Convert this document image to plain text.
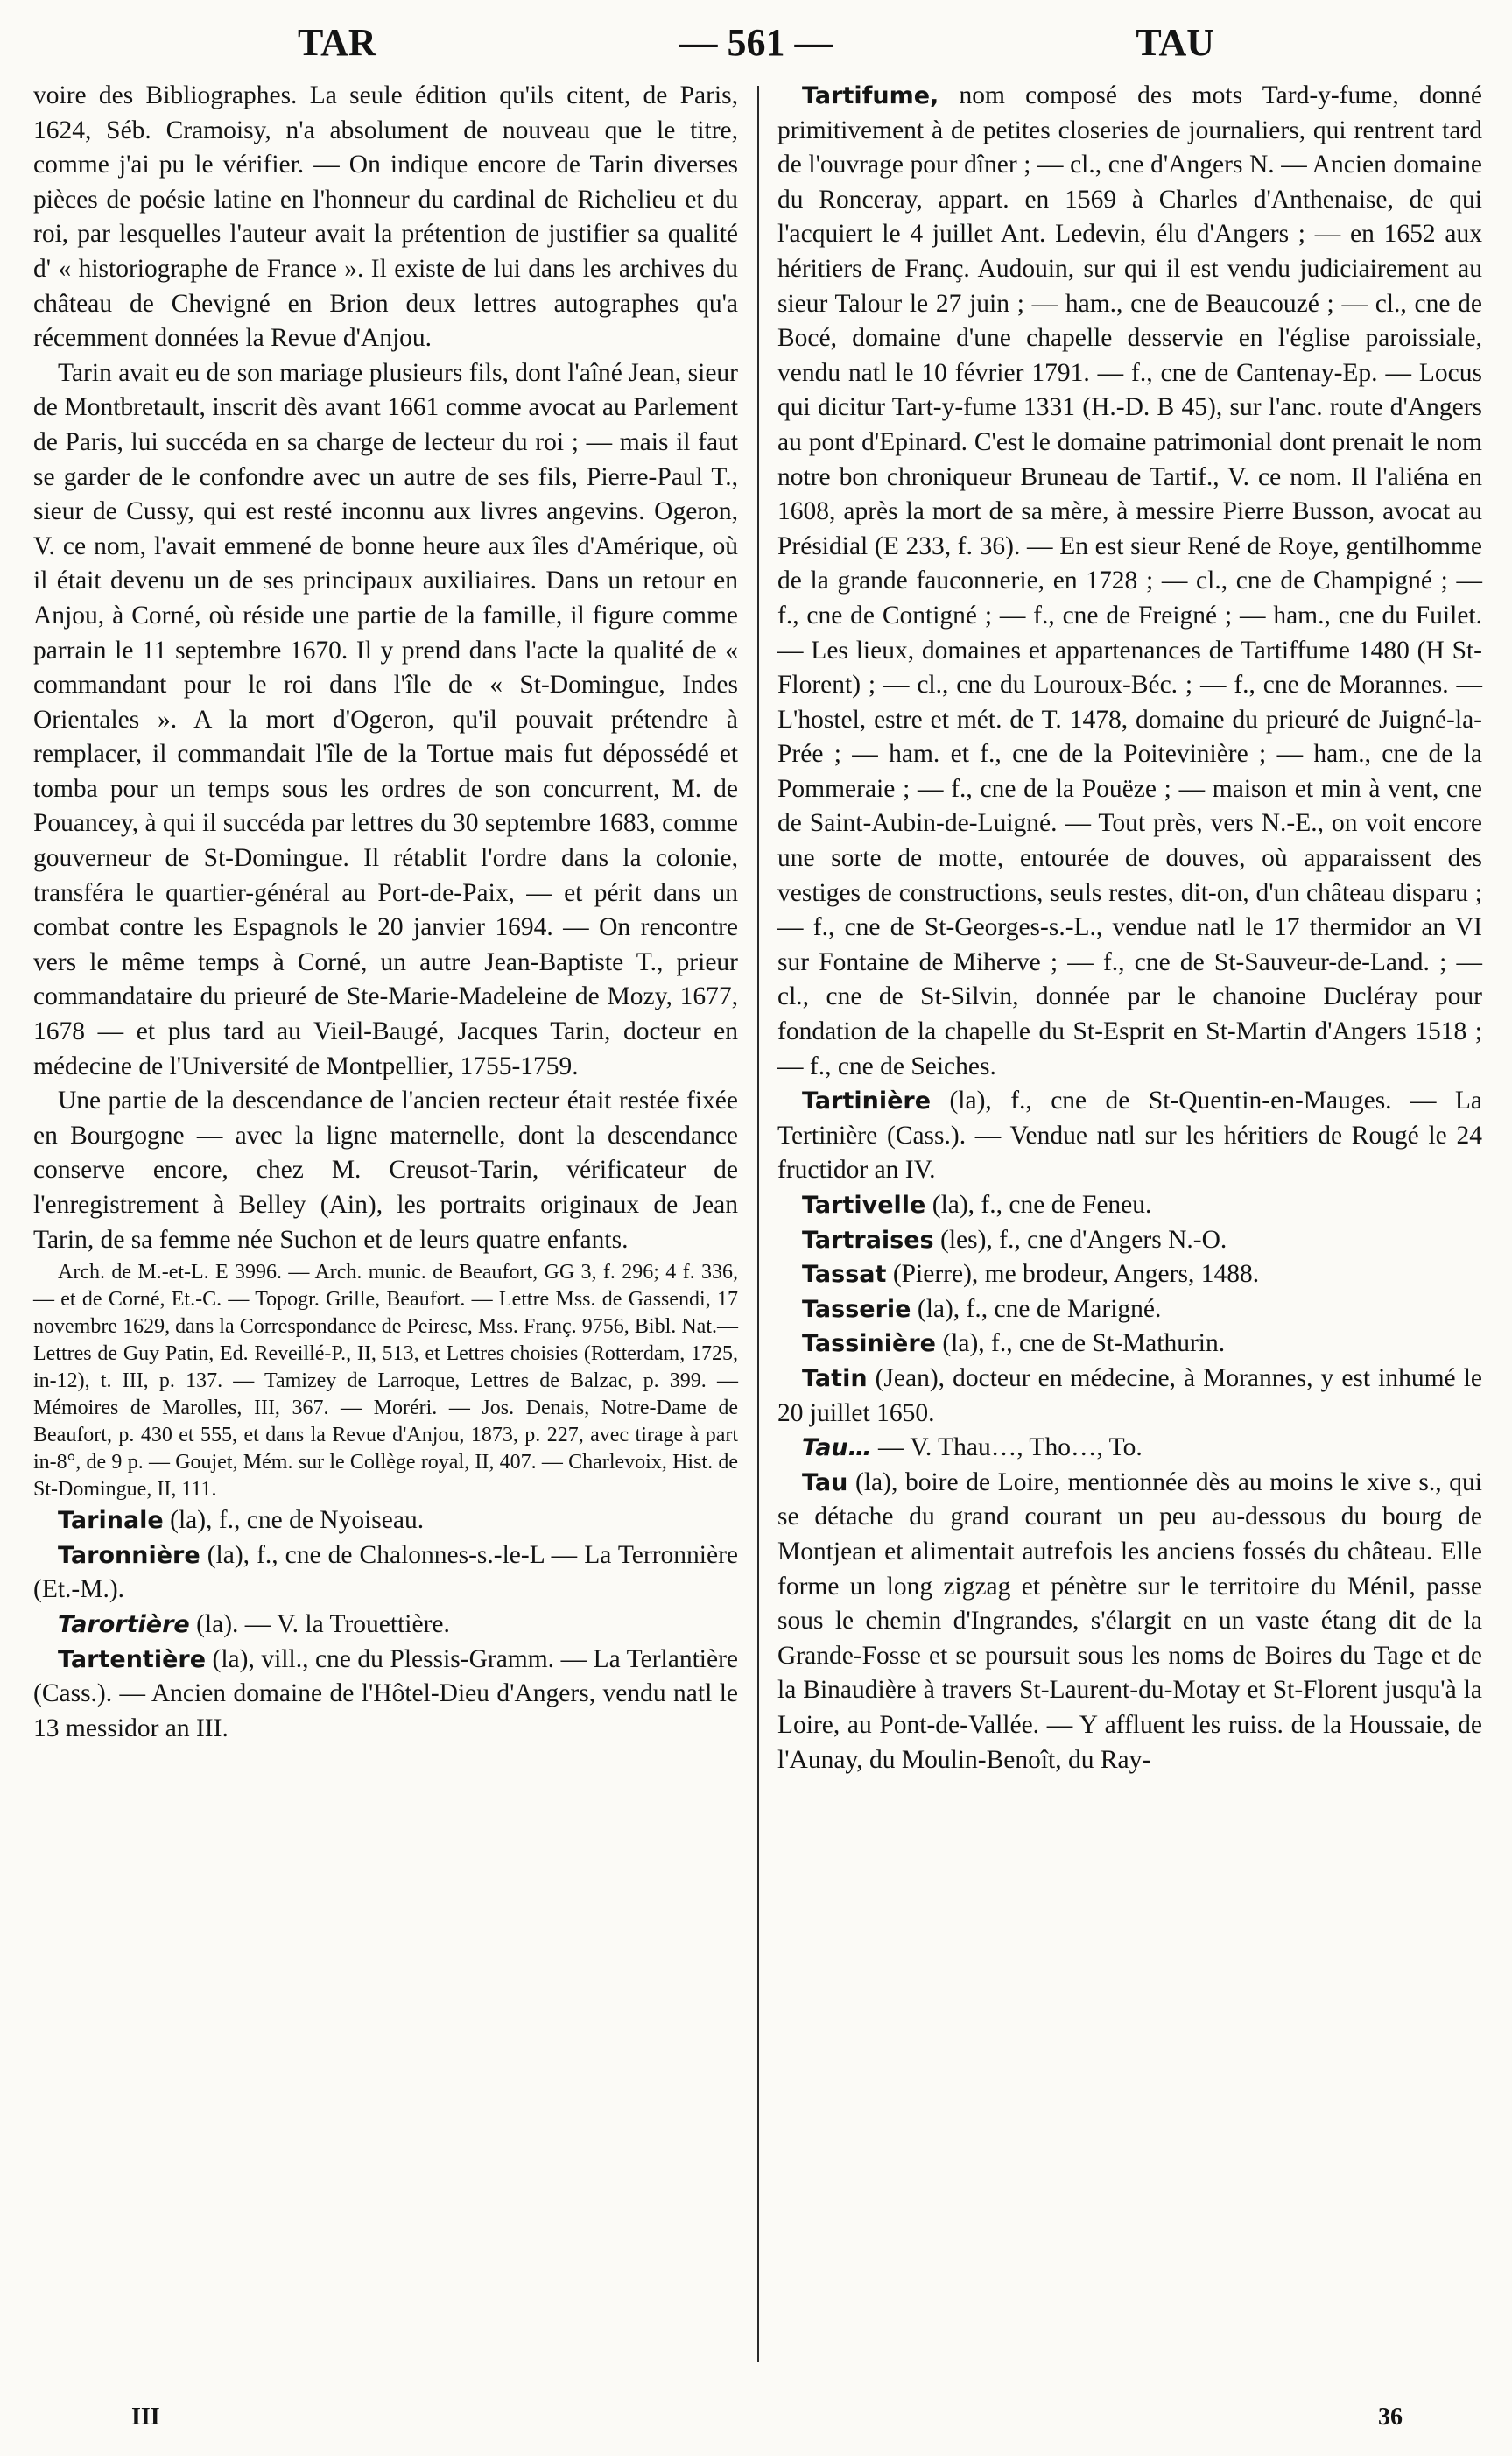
TAR	— 561 —	TAU

voire des Bibliographes. La seule édition qu'ils citent, de Paris, 1624, Séb. Cramoisy, n'a absolument de nouveau que le titre, comme j'ai pu le vérifier. — On indique encore de Tarin diverses pièces de poésie latine en l'honneur du cardinal de Richelieu et du roi, par lesquelles l'auteur avait la prétention de justifier sa qualité d' « historiographe de France ». Il existe de lui dans les archives du château de Chevigné en Brion deux lettres autographes qu'a récemment données la Revue d'Anjou.

Tarin avait eu de son mariage plusieurs fils, dont l'aîné Jean, sieur de Montbretault, inscrit dès avant 1661 comme avocat au Parlement de Paris, lui succéda en sa charge de lecteur du roi ; — mais il faut se garder de le confondre avec un autre de ses fils, Pierre-Paul T., sieur de Cussy, qui est resté inconnu aux livres angevins. Ogeron, V. ce nom, l'avait emmené de bonne heure aux îles d'Amérique, où il était devenu un de ses principaux auxiliaires. Dans un retour en Anjou, à Corné, où réside une partie de la famille, il figure comme parrain le 11 septembre 1670. Il y prend dans l'acte la qualité de « commandant pour le roi dans l'île de « St-Domingue, Indes Orientales ». A la mort d'Ogeron, qu'il pouvait prétendre à remplacer, il commandait l'île de la Tortue mais fut dépossédé et tomba pour un temps sous les ordres de son concurrent, M. de Pouancey, à qui il succéda par lettres du 30 septembre 1683, comme gouverneur de St-Domingue. Il rétablit l'ordre dans la colonie, transféra le quartier-général au Port-de-Paix, — et périt dans un combat contre les Espagnols le 20 janvier 1694. — On rencontre vers le même temps à Corné, un autre Jean-Baptiste T., prieur commandataire du prieuré de Ste-Marie-Madeleine de Mozy, 1677, 1678 — et plus tard au Vieil-Baugé, Jacques Tarin, docteur en médecine de l'Université de Montpellier, 1755-1759.

Une partie de la descendance de l'ancien recteur était restée fixée en Bourgogne — avec la ligne maternelle, dont la descendance conserve encore, chez M. Creusot-Tarin, vérificateur de l'enregistrement à Belley (Ain), les portraits originaux de Jean Tarin, de sa femme née Suchon et de leurs quatre enfants.

Arch. de M.-et-L. E 3996. — Arch. munic. de Beaufort, GG 3, f. 296; 4 f. 336, — et de Corné, Et.-C. — Topogr. Grille, Beaufort. — Lettre Mss. de Gassendi, 17 novembre 1629, dans la Correspondance de Peiresc, Mss. Franç. 9756, Bibl. Nat.— Lettres de Guy Patin, Ed. Reveillé-P., II, 513, et Lettres choisies (Rotterdam, 1725, in-12), t. III, p. 137. — Tamizey de Larroque, Lettres de Balzac, p. 399. — Mémoires de Marolles, III, 367. — Moréri. — Jos. Denais, Notre-Dame de Beaufort, p. 430 et 555, et dans la Revue d'Anjou, 1873, p. 227, avec tirage à part in-8°, de 9 p. — Goujet, Mém. sur le Collège royal, II, 407. — Charlevoix, Hist. de St-Domingue, II, 111.

Tarinale (la), f., cne de Nyoiseau.

Taronnière (la), f., cne de Chalonnes-s.-le-L — La Terronnière (Et.-M.).

Tarortière (la). — V. la Trouettière.

Tartentière (la), vill., cne du Plessis-Gramm. — La Terlantière (Cass.). — Ancien domaine de l'Hôtel-Dieu d'Angers, vendu natl le 13 messidor an III.

Tartifume, nom composé des mots Tard-y-fume, donné primitivement à de petites closeries de journaliers, qui rentrent tard de l'ouvrage pour dîner ; — cl., cne d'Angers N. — Ancien domaine du Ronceray, appart. en 1569 à Charles d'Anthenaise, de qui l'acquiert le 4 juillet Ant. Ledevin, élu d'Angers ; — en 1652 aux héritiers de Franç. Audouin, sur qui il est vendu judiciairement au sieur Talour le 27 juin ; — ham., cne de Beaucouzé ; — cl., cne de Bocé, domaine d'une chapelle desservie en l'église paroissiale, vendu natl le 10 février 1791. — f., cne de Cantenay-Ep. — Locus qui dicitur Tart-y-fume 1331 (H.-D. B 45), sur l'anc. route d'Angers au pont d'Epinard. C'est le domaine patrimonial dont prenait le nom notre bon chroniqueur Bruneau de Tartif., V. ce nom. Il l'aliéna en 1608, après la mort de sa mère, à messire Pierre Busson, avocat au Présidial (E 233, f. 36). — En est sieur René de Roye, gentilhomme de la grande fauconnerie, en 1728 ; — cl., cne de Champigné ; — f., cne de Contigné ; — f., cne de Freigné ; — ham., cne du Fuilet. — Les lieux, domaines et appartenances de Tartiffume 1480 (H St-Florent) ; — cl., cne du Louroux-Béc. ; — f., cne de Morannes. — L'hostel, estre et mét. de T. 1478, domaine du prieuré de Juigné-la-Prée ; — ham. et f., cne de la Poitevinière ; — ham., cne de la Pommeraie ; — f., cne de la Pouëze ; — maison et min à vent, cne de Saint-Aubin-de-Luigné. — Tout près, vers N.-E., on voit encore une sorte de motte, entourée de douves, où apparaissent des vestiges de constructions, seuls restes, dit-on, d'un château disparu ; — f., cne de St-Georges-s.-L., vendue natl le 17 thermidor an VI sur Fontaine de Miherve ; — f., cne de St-Sauveur-de-Land. ; — cl., cne de St-Silvin, donnée par le chanoine Ducléray pour fondation de la chapelle du St-Esprit en St-Martin d'Angers 1518 ; — f., cne de Seiches.

Tartinière (la), f., cne de St-Quentin-en-Mauges. — La Tertinière (Cass.). — Vendue natl sur les héritiers de Rougé le 24 fructidor an IV.

Tartivelle (la), f., cne de Feneu.

Tartraises (les), f., cne d'Angers N.-O.

Tassat (Pierre), me brodeur, Angers, 1488.

Tasserie (la), f., cne de Marigné.

Tassinière (la), f., cne de St-Mathurin.

Tatin (Jean), docteur en médecine, à Morannes, y est inhumé le 20 juillet 1650.

Tau… — V. Thau…, Tho…, To.

Tau (la), boire de Loire, mentionnée dès au moins le xive s., qui se détache du grand courant un peu au-dessous du bourg de Montjean et alimentait autrefois les anciens fossés du château. Elle forme un long zigzag et pénètre sur le territoire du Ménil, passe sous le chemin d'Ingrandes, s'élargit en un vaste étang dit de la Grande-Fosse et se poursuit sous les noms de Boires du Tage et de la Binaudière à travers St-Laurent-du-Motay et St-Florent jusqu'à la Loire, au Pont-de-Vallée. — Y affluent les ruiss. de la Houssaie, de l'Aunay, du Moulin-Benoît, du Ray-

III	36
